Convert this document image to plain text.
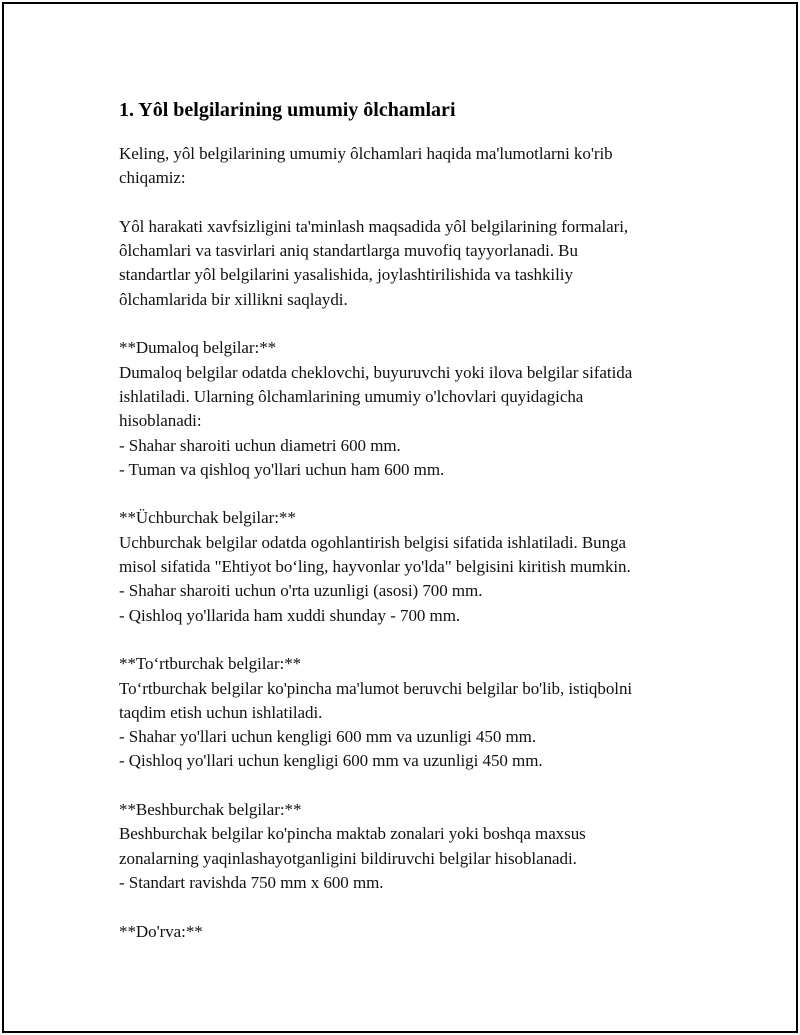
1. Yôl belgilarining umumiy ôlchamlari

Keling, yôl belgilarining umumiy ôlchamlari haqida ma'lumotlarni ko'rib

chiqamiz:

Yôl harakati xavfsizligini ta'minlash maqsadida yôl belgilarining formalari,

ôlchamlari va tasvirlari aniq standartlarga muvofiq tayyorlanadi. Bu

standartlar yôl belgilarini yasalishida, joylashtirilishida va tashkiliy

ôlchamlarida bir xillikni saqlaydi.

**Dumaloq belgilar:**

Dumaloq belgilar odatda cheklovchi, buyuruvchi yoki ilova belgilar sifatida

ishlatiladi. Ularning ôlchamlarining umumiy o'lchovlari quyidagicha

hisoblanadi:

- Shahar sharoiti uchun diametri 600 mm.

- Tuman va qishloq yo'llari uchun ham 600 mm.

**Üchburchak belgilar:**

Uchburchak belgilar odatda ogohlantirish belgisi sifatida ishlatiladi. Bunga

misol sifatida "Ehtiyot bo‘ling, hayvonlar yo'lda" belgisini kiritish mumkin.

- Shahar sharoiti uchun o'rta uzunligi (asosi) 700 mm.

- Qishloq yo'llarida ham xuddi shunday - 700 mm.

**To‘rtburchak belgilar:**

To‘rtburchak belgilar ko'pincha ma'lumot beruvchi belgilar bo'lib, istiqbolni

taqdim etish uchun ishlatiladi.

- Shahar yo'llari uchun kengligi 600 mm va uzunligi 450 mm.

- Qishloq yo'llari uchun kengligi 600 mm va uzunligi 450 mm.

**Beshburchak belgilar:**

Beshburchak belgilar ko'pincha maktab zonalari yoki boshqa maxsus

zonalarning yaqinlashayotganligini bildiruvchi belgilar hisoblanadi.

- Standart ravishda 750 mm x 600 mm.

**Do'rva:**
